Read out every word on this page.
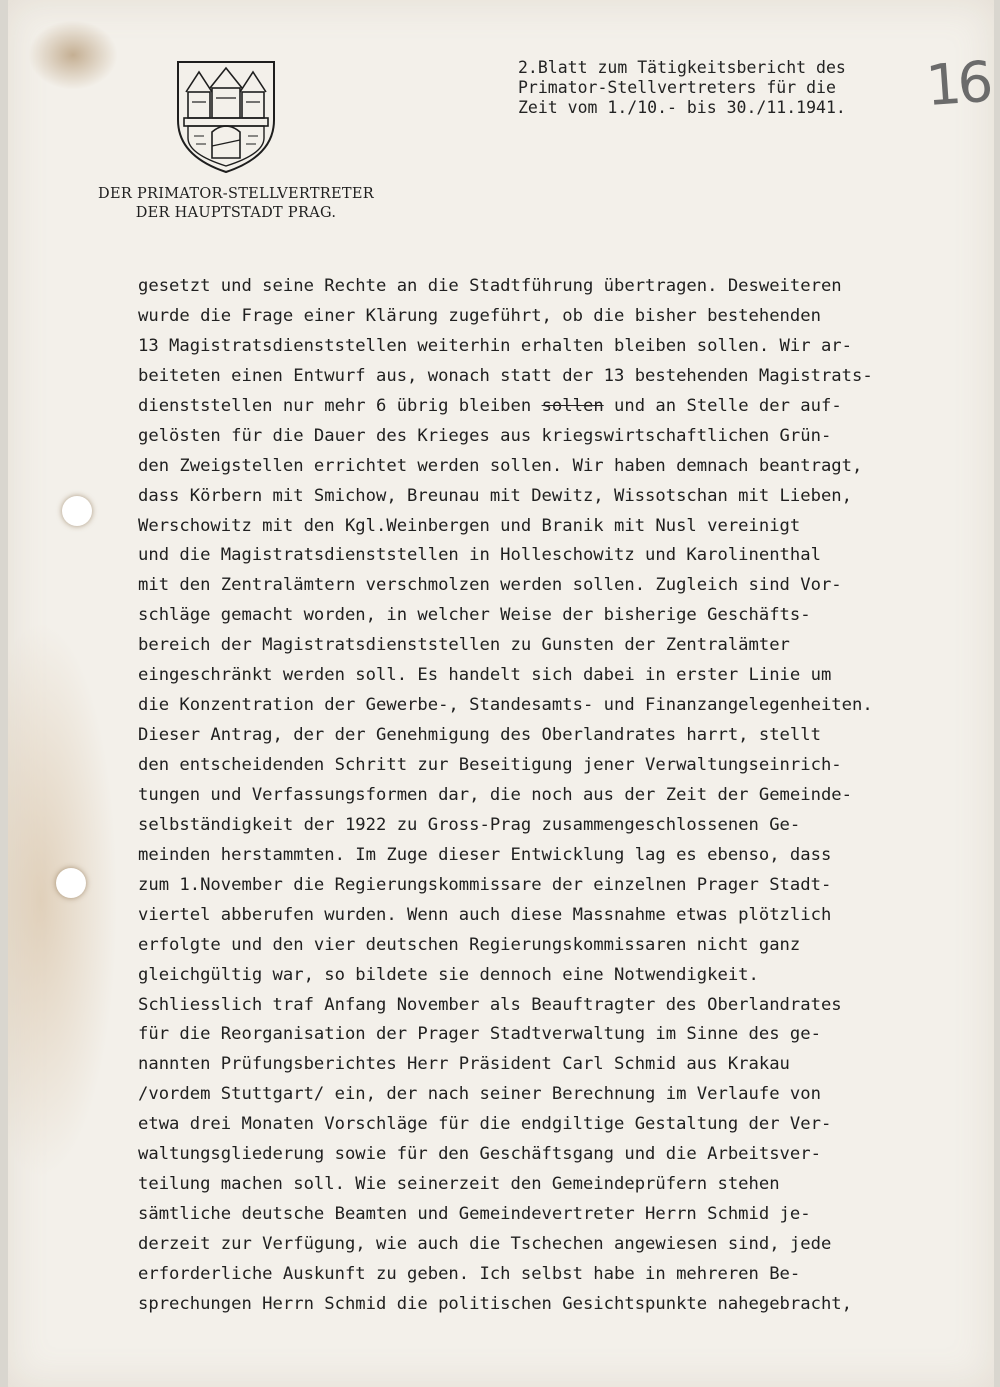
DER PRIMATOR-STELLVERTRETER
DER HAUPTSTADT PRAG.
2.Blatt zum Tätigkeitsbericht des
Primator-Stellvertreters für die
Zeit vom 1./10.- bis 30./11.1941.	16
gesetzt und seine Rechte an die Stadtführung übertragen. Desweiteren
wurde die Frage einer Klärung zugeführt, ob die bisher bestehenden
13 Magistratsdienststellen weiterhin erhalten bleiben sollen. Wir ar-
beiteten einen Entwurf aus, wonach statt der 13 bestehenden Magistrats-
dienststellen nur mehr 6 übrig bleiben sollen und an Stelle der auf-
gelösten für die Dauer des Krieges aus kriegswirtschaftlichen Grün-
den Zweigstellen errichtet werden sollen. Wir haben demnach beantragt,
dass Körbern mit Smichow, Breunau mit Dewitz, Wissotschan mit Lieben,
Werschowitz mit den Kgl.Weinbergen und Branik mit Nusl vereinigt
und die Magistratsdienststellen in Holleschowitz und Karolinenthal
mit den Zentralämtern verschmolzen werden sollen. Zugleich sind Vor-
schläge gemacht worden, in welcher Weise der bisherige Geschäfts-
bereich der Magistratsdienststellen zu Gunsten der Zentralämter
eingeschränkt werden soll. Es handelt sich dabei in erster Linie um
die Konzentration der Gewerbe-, Standesamts- und Finanzangelegenheiten.
Dieser Antrag, der der Genehmigung des Oberlandrates harrt, stellt
den entscheidenden Schritt zur Beseitigung jener Verwaltungseinrich-
tungen und Verfassungsformen dar, die noch aus der Zeit der Gemeinde-
selbständigkeit der 1922 zu Gross-Prag zusammengeschlossenen Ge-
meinden herstammten. Im Zuge dieser Entwicklung lag es ebenso, dass
zum 1.November die Regierungskommissare der einzelnen Prager Stadt-
viertel abberufen wurden. Wenn auch diese Massnahme etwas plötzlich
erfolgte und den vier deutschen Regierungskommissaren nicht ganz
gleichgültig war, so bildete sie dennoch eine Notwendigkeit.
Schliesslich traf Anfang November als Beauftragter des Oberlandrates
für die Reorganisation der Prager Stadtverwaltung im Sinne des ge-
nannten Prüfungsberichtes Herr Präsident Carl Schmid aus Krakau
/vordem Stuttgart/ ein, der nach seiner Berechnung im Verlaufe von
etwa drei Monaten Vorschläge für die endgiltige Gestaltung der Ver-
waltungsgliederung sowie für den Geschäftsgang und die Arbeitsver-
teilung machen soll. Wie seinerzeit den Gemeindeprüfern stehen
sämtliche deutsche Beamten und Gemeindevertreter Herrn Schmid je-
derzeit zur Verfügung, wie auch die Tschechen angewiesen sind, jede
erforderliche Auskunft zu geben. Ich selbst habe in mehreren Be-
sprechungen Herrn Schmid die politischen Gesichtspunkte nahegebracht,
